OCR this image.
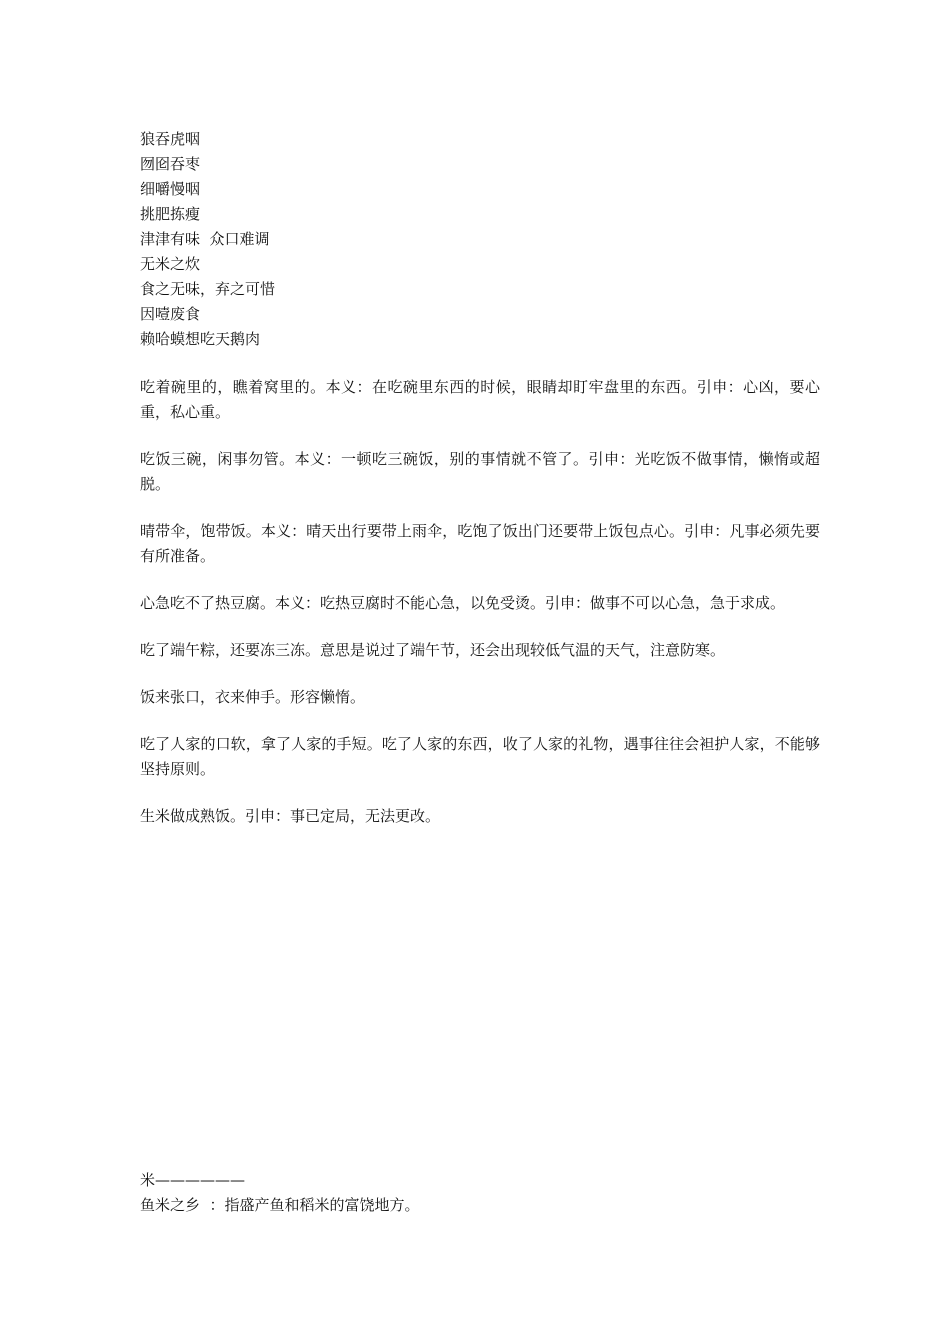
狼吞虎咽
囫囵吞枣
细嚼慢咽
挑肥拣瘦
津津有味  众口难调
无米之炊
食之无味，弃之可惜
因噎废食
赖哈蟆想吃天鹅肉

吃着碗里的，瞧着窝里的。本义：在吃碗里东西的时候，眼睛却盯牢盘里的东西。引申：心凶，要心重，私心重。

吃饭三碗，闲事勿管。本义：一顿吃三碗饭，别的事情就不管了。引申：光吃饭不做事情，懒惰或超脱。

晴带伞，饱带饭。本义：晴天出行要带上雨伞，吃饱了饭出门还要带上饭包点心。引申：凡事必须先要有所准备。

心急吃不了热豆腐。本义：吃热豆腐时不能心急，以免受烫。引申：做事不可以心急，急于求成。

吃了端午粽，还要冻三冻。意思是说过了端午节，还会出现较低气温的天气，注意防寒。

饭来张口，衣来伸手。形容懒惰。

吃了人家的口软，拿了人家的手短。吃了人家的东西，收了人家的礼物，遇事往往会袒护人家，不能够坚持原则。

生米做成熟饭。引申：事已定局，无法更改。

米——————

鱼米之乡  ：指盛产鱼和稻米的富饶地方。
